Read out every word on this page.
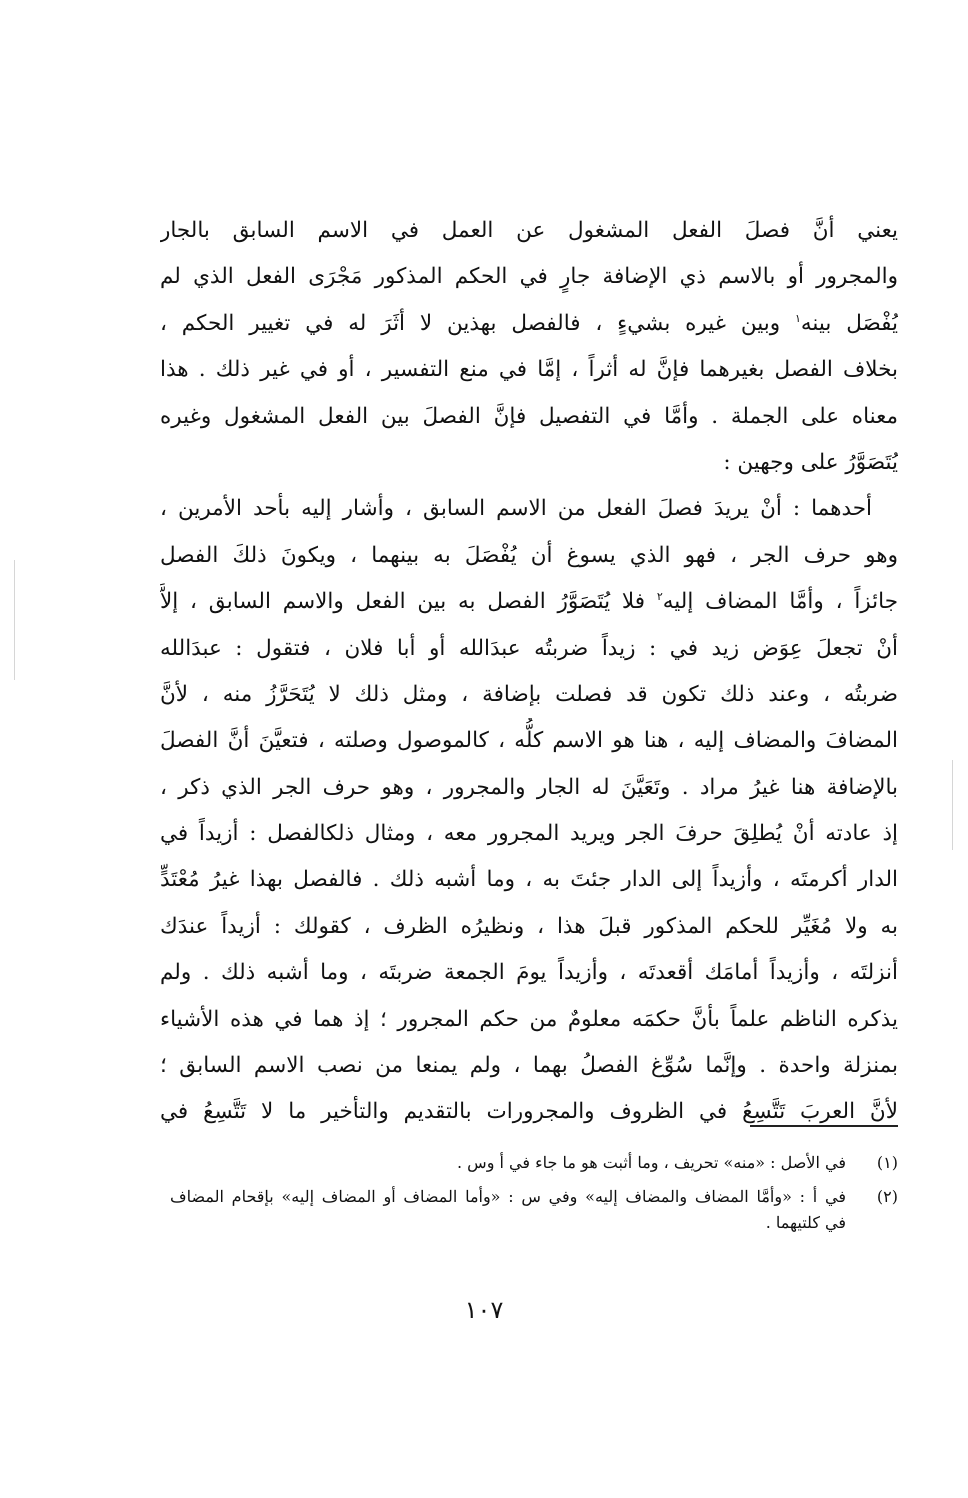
يعني أنَّ فصلَ الفعل المشغول عن العمل في الاسم السابق بالجار
والمجرور أو بالاسم ذي الإضافة جارٍ في الحكم المذكور مَجْرَى الفعل الذي لم
يُفْصَل بينه$^١$ وبين غيره بشيءٍ ، فالفصل بهذين لا أثَرَ له في تغيير الحكم ،
بخلاف الفصل بغيرهما فإنَّ له أثراً ، إمَّا في منع التفسير ، أو في غير ذلك . هذا
معناه على الجملة . وأمَّا في التفصيل فإنَّ الفصلَ بين الفعل المشغول وغيره
يُتَصَوَّرُ على وجهين :
أحدهما : أنْ يريدَ فصلَ الفعل من الاسم السابق ، وأشار إليه بأحد الأمرين ،
وهو حرف الجر ، فهو الذي يسوغ أن يُفْصَلَ به بينهما ، ويكونَ ذلكَ الفصل
جائزاً ، وأمَّا المضاف إليه$^٢$ فلا يُتَصَوَّرُ الفصل به بين الفعل والاسم السابق ، إلاَّ
أنْ تجعلَ عِوَض زيد في : زيداً ضربتُه عبدَالله أو أبا فلان ، فتقول : عبدَالله
ضربتُه ، وعند ذلك تكون قد فصلت بإضافة ، ومثل ذلك لا يُتَحَرَّزُ منه ، لأنَّ
المضافَ والمضاف إليه ، هنا هو الاسم كلُّه ، كالموصول وصلته ، فتعيَّنَ أنَّ الفصلَ
بالإضافة هنا غيرُ مراد . وتَعَيَّنَ له الجار والمجرور ، وهو حرف الجر الذي ذكر ،
إذ عادته أنْ يُطلِقَ حرفَ الجر ويريد المجرور معه ، ومثال ذلكالفصل : أزيداً في
الدار أكرمتَه ، وأزيداً إلى الدار جئتَ به ، وما أشبه ذلك . فالفصل بهذا غيرُ مُعْتَدٍّ
به ولا مُغَيِّر للحكم المذكور قبلَ هذا ، ونظيرُه الظرف ، كقولك : أزيداً عندَك
أنزلتَه ، وأزيداً أمامَك أقعدتَه ، وأزيداً يومَ الجمعة ضربتَه ، وما أشبه ذلك . ولم
يذكره الناظم علماً بأنَّ حكمَه معلومٌ من حكم المجرور ؛ إذ هما في هذه الأشياء
بمنزلة واحدة . وإنَّما سُوِّغ الفصلُ بهما ، ولم يمنعا من نصب الاسم السابق ؛
لأنَّ العربَ تَتَّسِعُ في الظروف والمجرورات بالتقديم والتأخير ما لا تَتَّسِعُ في
(١)
في الأصل : «منه» تحريف ، وما أثبت هو ما جاء في أ وس .
(٢)
في أ : «وأمَّا المضاف والمضاف إليه» وفي س : «وأما المضاف أو المضاف إليه» بإقحام المضاف
في كلتيهما .
١٠٧
